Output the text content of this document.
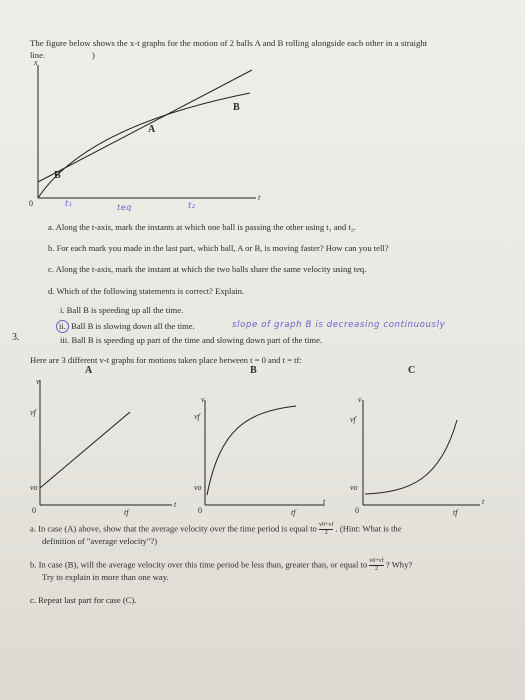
The figure below shows the x-t graphs for the motion of 2 balls A and B rolling alongside each other in a straight
line.	)
x
t
0
B
A
B
t₁	teq	t₂
a. Along the t-axis, mark the instants at which one ball is passing the other using t₁ and t₂.
b. For each mark you made in the last part, which ball, A or B, is moving faster? How can you tell?
c. Along the t-axis, mark the instant at which the two balls share the same velocity using teq.
d. Which of the following statements is correct? Explain.
i. Ball B is speeding up all the time.
ii. Ball B is slowing down all the time.	slope of graph B is decreasing continuously
iii. Ball B is speeding up part of the time and slowing down part of the time.
3.
Here are 3 different v-t graphs for motions taken place between t = 0 and t = tf:
A
v
vf
vo
0
t
tf
B
v
vf
vo
0
t
tf
C
v
vf
vo
0
t
tf
a. In case (A) above, show that the average velocity over the time period is equal to $\frac{v0+vf}{2}$ . (Hint: What is the
definition of "average velocity"?)
b. In case (B), will the average velocity over this time period be less than, greater than, or equal to $\frac{v0+vf}{2}$ ? Why?
Try to explain in more than one way.
c. Repeat last part for case (C).
